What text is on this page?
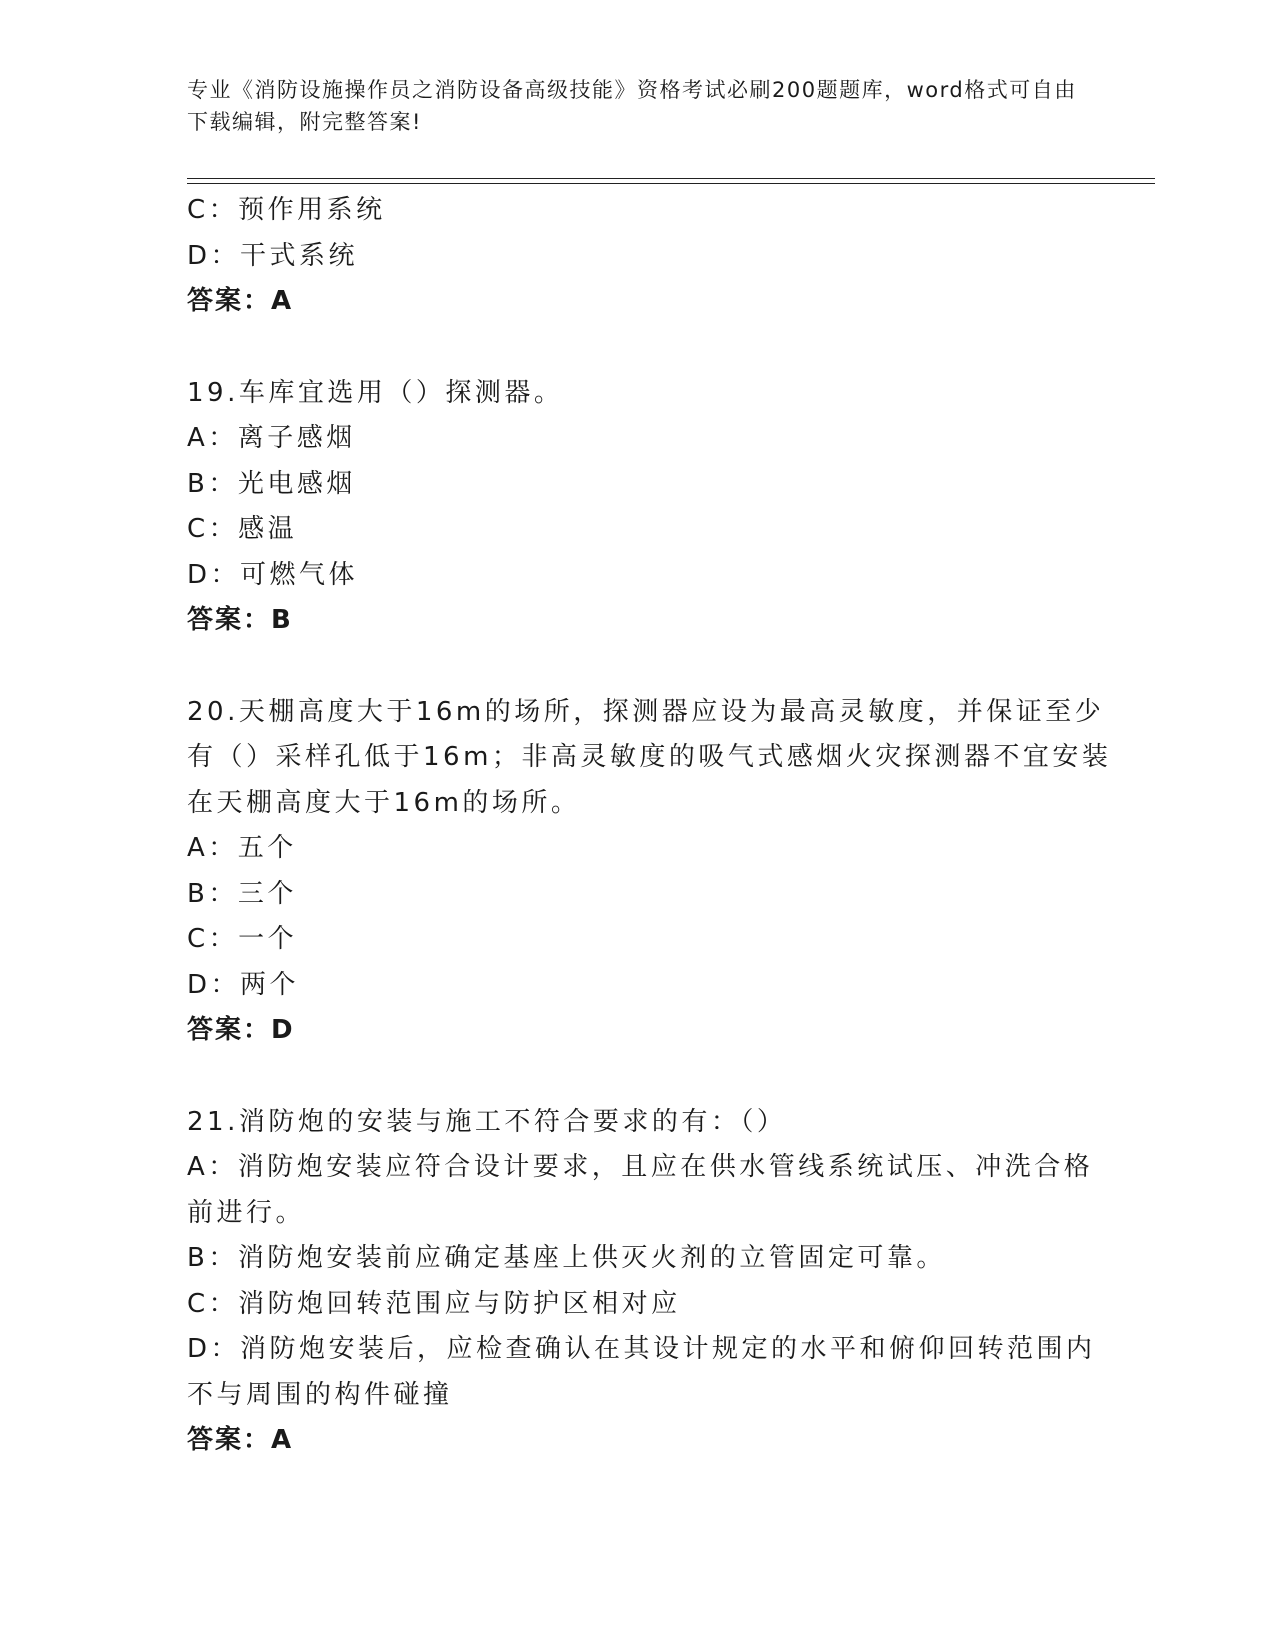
专业《消防设施操作员之消防设备高级技能》资格考试必刷200题题库，word格式可自由下载编辑，附完整答案!
C：预作用系统
D：干式系统
答案：A
19.车库宜选用（）探测器。
A：离子感烟
B：光电感烟
C：感温
D：可燃气体
答案：B
20.天棚高度大于16m的场所，探测器应设为最高灵敏度，并保证至少
有（）采样孔低于16m；非高灵敏度的吸气式感烟火灾探测器不宜安装
在天棚高度大于16m的场所。
A：五个
B：三个
C：一个
D：两个
答案：D
21.消防炮的安装与施工不符合要求的有：（）
A：消防炮安装应符合设计要求，且应在供水管线系统试压、冲洗合格
前进行。
B：消防炮安装前应确定基座上供灭火剂的立管固定可靠。
C：消防炮回转范围应与防护区相对应
D：消防炮安装后，应检查确认在其设计规定的水平和俯仰回转范围内
不与周围的构件碰撞
答案：A
